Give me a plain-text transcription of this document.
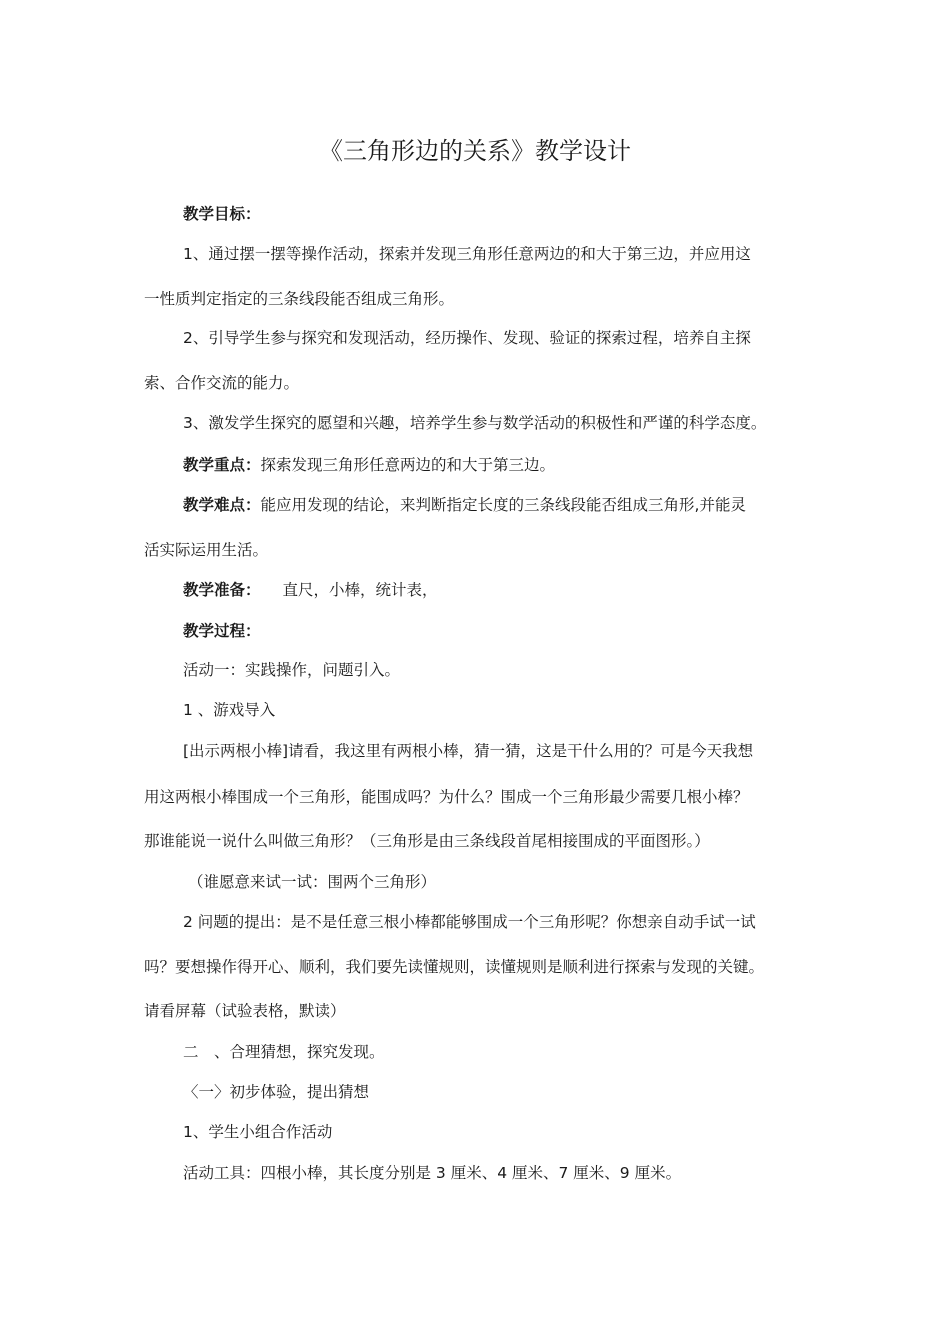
《三角形边的关系》教学设计
教学目标：
1、通过摆一摆等操作活动，探索并发现三角形任意两边的和大于第三边，并应用这
一性质判定指定的三条线段能否组成三角形。
2、引导学生参与探究和发现活动，经历操作、发现、验证的探索过程，培养自主探
索、合作交流的能力。
3、激发学生探究的愿望和兴趣，培养学生参与数学活动的积极性和严谨的科学态度。
教学重点：探索发现三角形任意两边的和大于第三边。
教学难点：能应用发现的结论，来判断指定长度的三条线段能否组成三角形,并能灵
活实际运用生活。
教学准备： 直尺，小棒，统计表，
教学过程：
活动一：实践操作，问题引入。
1 、游戏导入
[出示两根小棒]请看，我这里有两根小棒，猜一猜，这是干什么用的？可是今天我想
用这两根小棒围成一个三角形，能围成吗？为什么？围成一个三角形最少需要几根小棒？
那谁能说一说什么叫做三角形？（三角形是由三条线段首尾相接围成的平面图形。）
（谁愿意来试一试：围两个三角形）
2 问题的提出：是不是任意三根小棒都能够围成一个三角形呢？你想亲自动手试一试
吗？要想操作得开心、顺利，我们要先读懂规则，读懂规则是顺利进行探索与发现的关键。
请看屏幕（试验表格，默读）
二　、合理猜想，探究发现。
〈一〉初步体验，提出猜想
1、学生小组合作活动
活动工具：四根小棒，其长度分别是 3 厘米、4 厘米、7 厘米、9 厘米。
